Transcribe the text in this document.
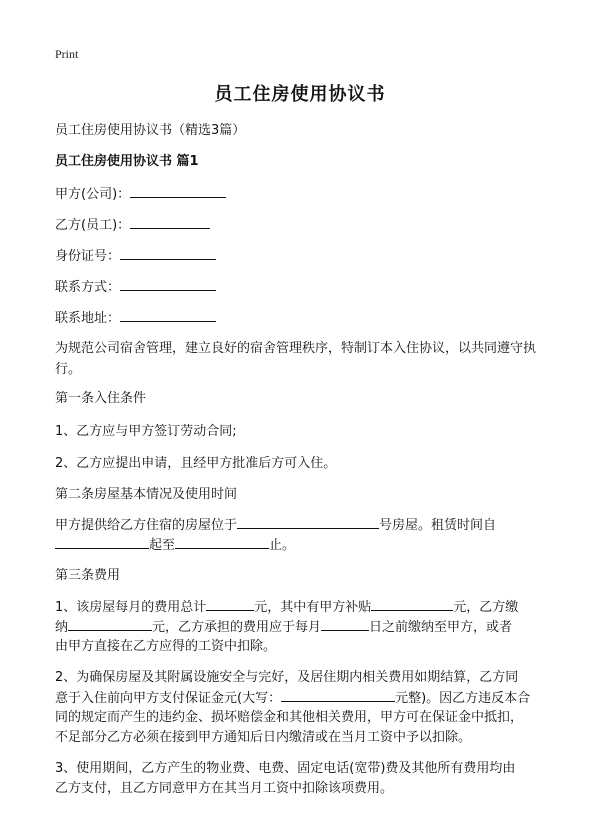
Print
员工住房使用协议书
员工住房使用协议书（精选3篇）
员工住房使用协议书 篇1
甲方(公司)：
乙方(员工)：
身份证号：
联系方式：
联系地址：
为规范公司宿舍管理，建立良好的宿舍管理秩序，特制订本入住协议，以共同遵守执行。
第一条入住条件
1、乙方应与甲方签订劳动合同;
2、乙方应提出申请，且经甲方批准后方可入住。
第二条房屋基本情况及使用时间
甲方提供给乙方住宿的房屋位于	号房屋。租赁时间自
起至	止。
第三条费用
1、该房屋每月的费用总计	元，其中有甲方补贴	元，乙方缴
纳	元，乙方承担的费用应于每月	日之前缴纳至甲方，或者
由甲方直接在乙方应得的工资中扣除。
2、为确保房屋及其附属设施安全与完好，及居住期内相关费用如期结算，乙方同
意于入住前向甲方支付保证金元(大写：	元整)。因乙方违反本合
同的规定而产生的违约金、损坏赔偿金和其他相关费用，甲方可在保证金中抵扣，
不足部分乙方必须在接到甲方通知后日内缴清或在当月工资中予以扣除。
3、使用期间，乙方产生的物业费、电费、固定电话(宽带)费及其他所有费用均由
乙方支付，且乙方同意甲方在其当月工资中扣除该项费用。
